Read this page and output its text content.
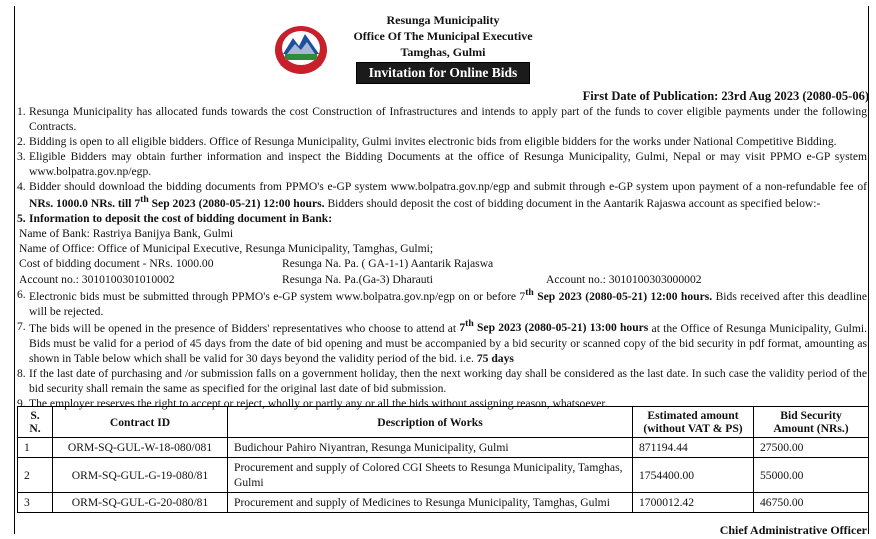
Resunga Municipality
Office Of The Municipal Executive
Tamghas, Gulmi
Invitation for Online Bids
First Date of Publication: 23rd Aug 2023 (2080-05-06)
1. Resunga Municipality has allocated funds towards the cost Construction of Infrastructures and intends to apply part of the funds to cover eligible payments under the following Contracts.
2. Bidding is open to all eligible bidders. Office of Resunga Municipality, Gulmi invites electronic bids from eligible bidders for the works under National Competitive Bidding.
3. Eligible Bidders may obtain further information and inspect the Bidding Documents at the office of Resunga Municipality, Gulmi, Nepal or may visit PPMO e-GP system www.bolpatra.gov.np/egp.
4. Bidder should download the bidding documents from PPMO's e-GP system www.bolpatra.gov.np/egp and submit through e-GP system upon payment of a non-refundable fee of NRs. 1000.0 NRs. till 7th Sep 2023 (2080-05-21) 12:00 hours. Bidders should deposit the cost of bidding document in the Aantarik Rajaswa account as specified below:-
5. Information to deposit the cost of bidding document in Bank:
Name of Bank: Rastriya Banijya Bank, Gulmi
Name of Office: Office of Municipal Executive, Resunga Municipality, Tamghas, Gulmi;
Cost of bidding document - NRs. 1000.00	Resunga Na. Pa. ( GA-1-1) Aantarik Rajaswa
Account no.: 3010100301010002	Resunga Na. Pa.(Ga-3) Dharauti	Account no.: 3010100303000002
6. Electronic bids must be submitted through PPMO's e-GP system www.bolpatra.gov.np/egp on or before 7th Sep 2023 (2080-05-21) 12:00 hours. Bids received after this deadline will be rejected.
7. The bids will be opened in the presence of Bidders' representatives who choose to attend at 7th Sep 2023 (2080-05-21) 13:00 hours at the Office of Resunga Municipality, Gulmi. Bids must be valid for a period of 45 days from the date of bid opening and must be accompanied by a bid security or scanned copy of the bid security in pdf format, amounting as shown in Table below which shall be valid for 30 days beyond the validity period of the bid. i.e. 75 days
8. If the last date of purchasing and /or submission falls on a government holiday, then the next working day shall be considered as the last date. In such case the validity period of the bid security shall remain the same as specified for the original last date of bid submission.
9. The employer reserves the right to accept or reject, wholly or partly any or all the bids without assigning reason, whatsoever.
S. N.	Contract ID	Description of Works	Estimated amount (without VAT & PS)	Bid Security Amount (NRs.)
1	ORM-SQ-GUL-W-18-080/081	Budichour Pahiro Niyantran, Resunga Municipality, Gulmi	871194.44	27500.00
2	ORM-SQ-GUL-G-19-080/81	Procurement and supply of Colored CGI Sheets to Resunga Municipality, Tamghas, Gulmi	1754400.00	55000.00
3	ORM-SQ-GUL-G-20-080/81	Procurement and supply of Medicines to Resunga Municipality, Tamghas, Gulmi	1700012.42	46750.00
Chief Administrative Officer
